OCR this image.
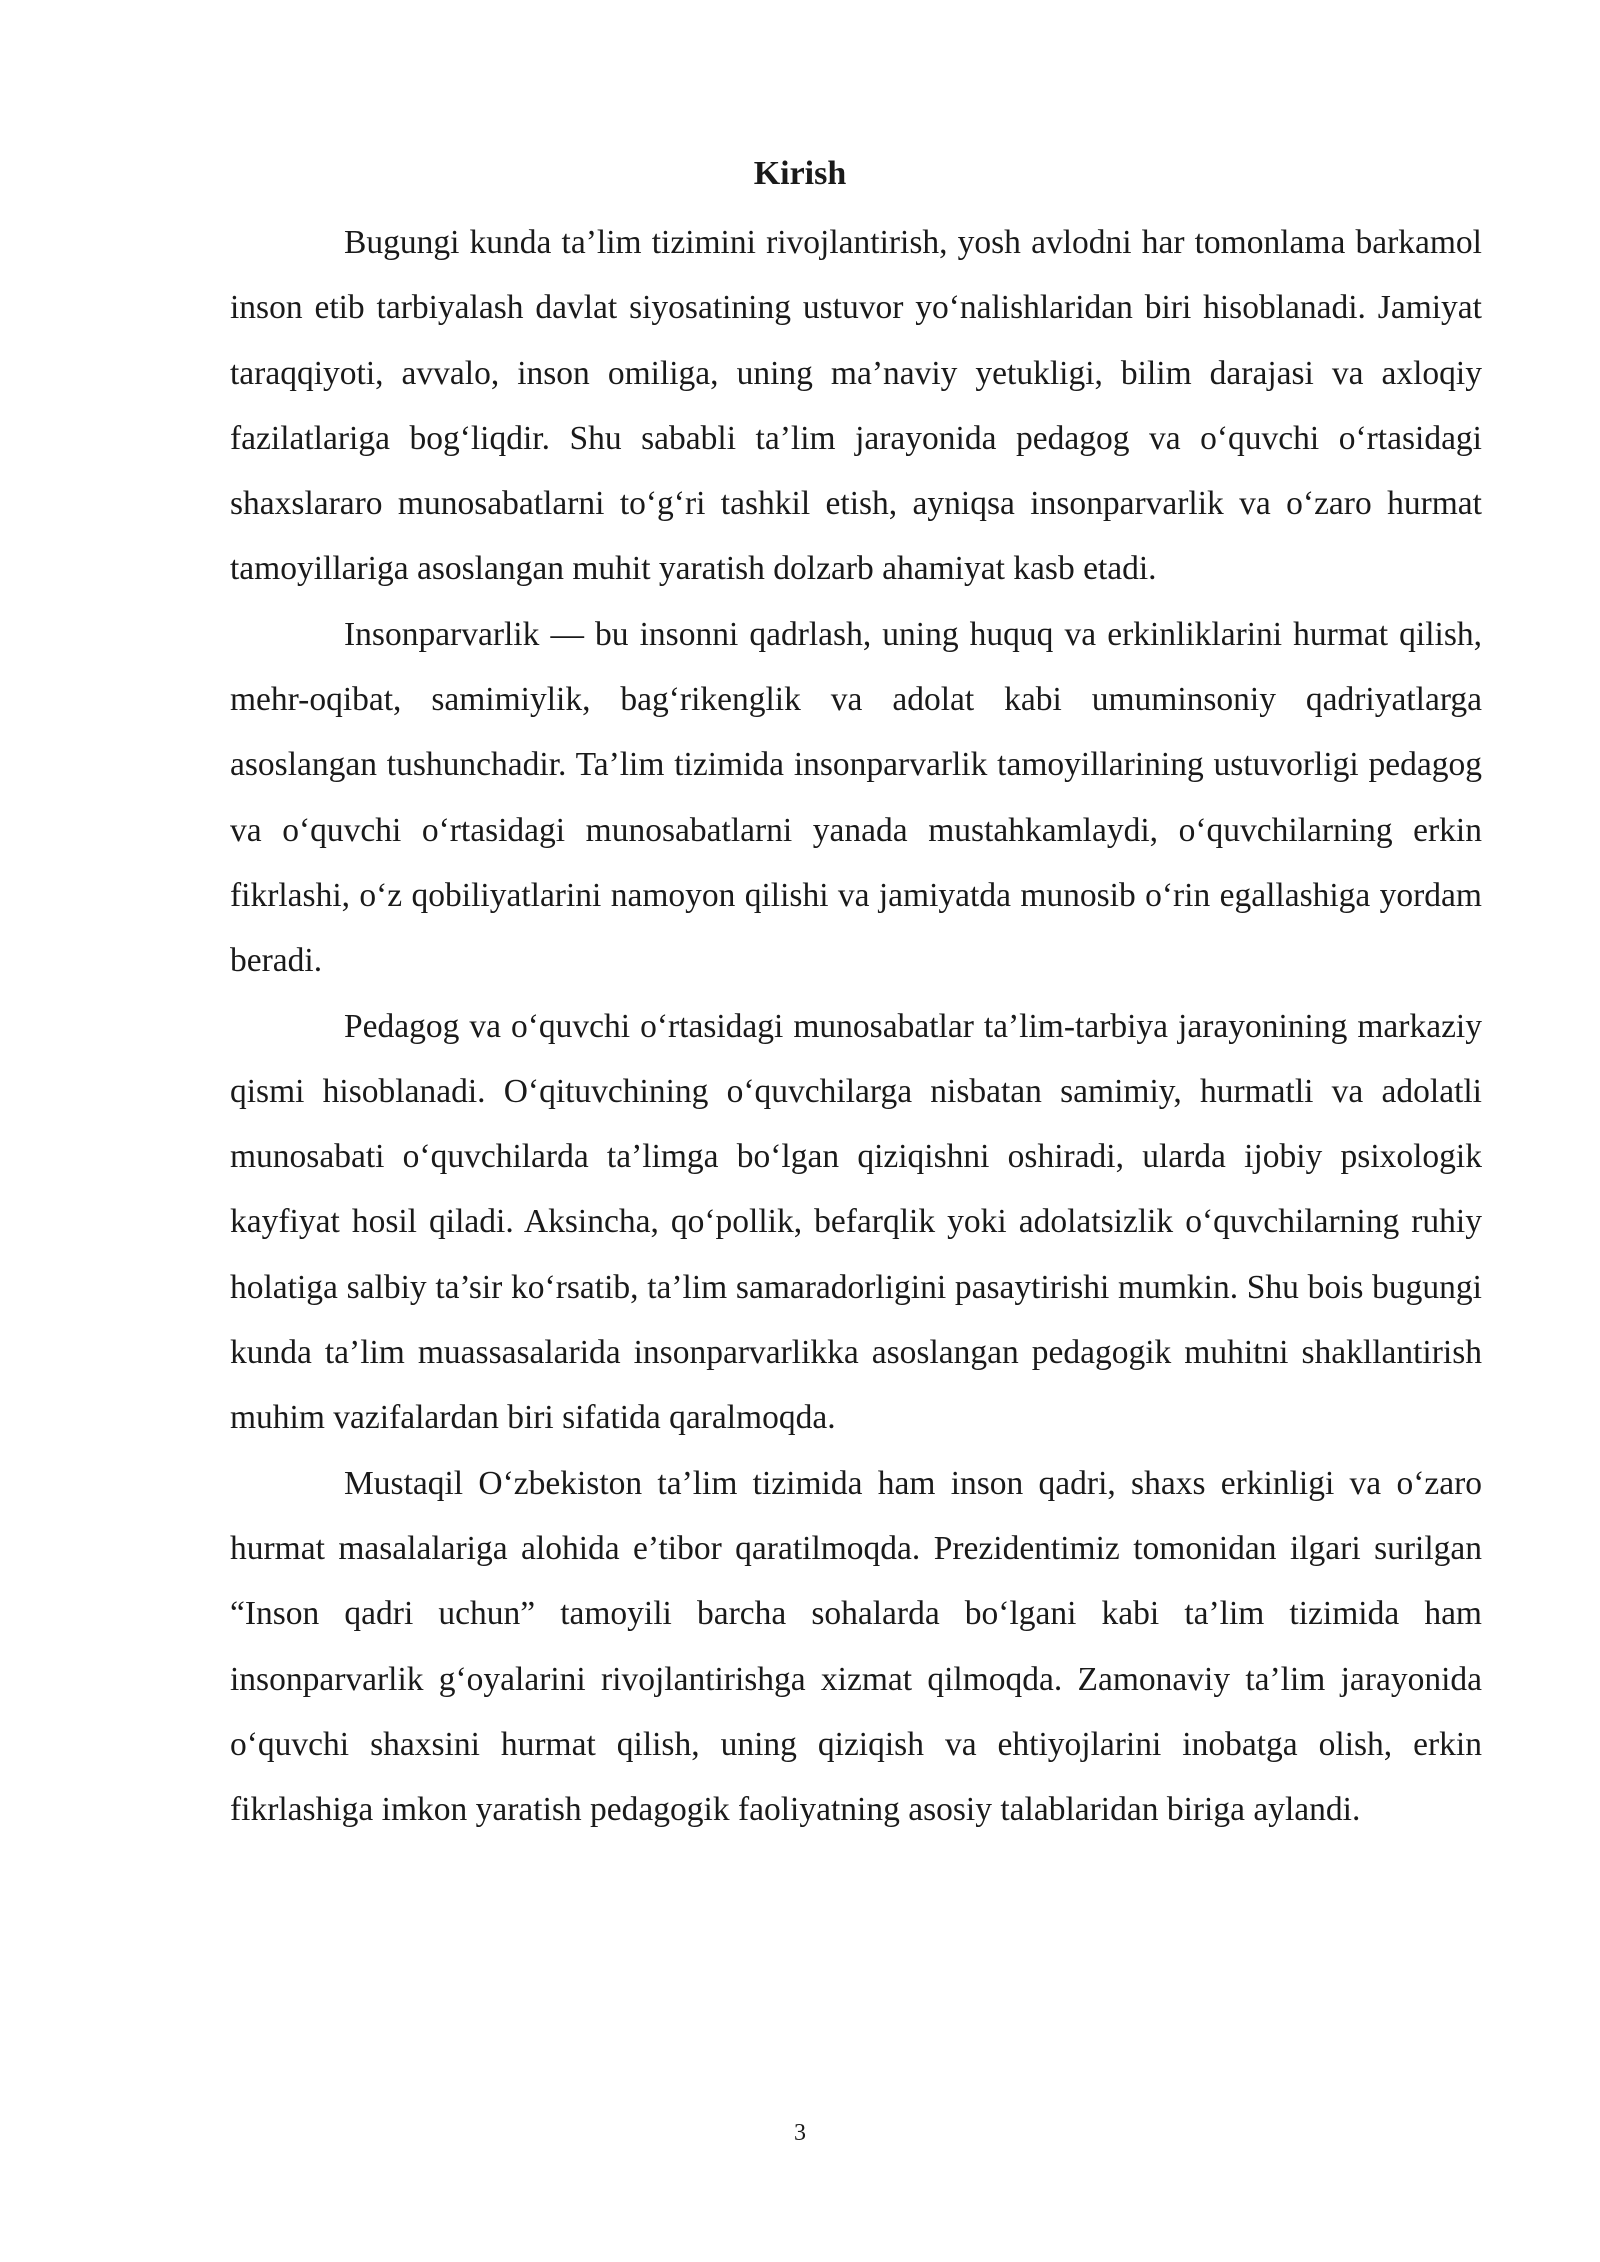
Kirish

Bugungi kunda ta’lim tizimini rivojlantirish, yosh avlodni har tomonlama barkamol inson etib tarbiyalash davlat siyosatining ustuvor yo‘nalishlaridan biri hisoblanadi. Jamiyat taraqqiyoti, avvalo, inson omiliga, uning ma’naviy yetukligi, bilim darajasi va axloqiy fazilatlariga bog‘liqdir. Shu sababli ta’lim jarayonida pedagog va o‘quvchi o‘rtasidagi shaxslararo munosabatlarni to‘g‘ri tashkil etish, ayniqsa insonparvarlik va o‘zaro hurmat tamoyillariga asoslangan muhit yaratish dolzarb ahamiyat kasb etadi.

Insonparvarlik — bu insonni qadrlash, uning huquq va erkinliklarini hurmat qilish, mehr-oqibat, samimiylik, bag‘rikenglik va adolat kabi umuminsoniy qadriyatlarga asoslangan tushunchadir. Ta’lim tizimida insonparvarlik tamoyillarining ustuvorligi pedagog va o‘quvchi o‘rtasidagi munosabatlarni yanada mustahkamlaydi, o‘quvchilarning erkin fikrlashi, o‘z qobiliyatlarini namoyon qilishi va jamiyatda munosib o‘rin egallashiga yordam beradi.

Pedagog va o‘quvchi o‘rtasidagi munosabatlar ta’lim-tarbiya jarayonining markaziy qismi hisoblanadi. O‘qituvchining o‘quvchilarga nisbatan samimiy, hurmatli va adolatli munosabati o‘quvchilarda ta’limga bo‘lgan qiziqishni oshiradi, ularda ijobiy psixologik kayfiyat hosil qiladi. Aksincha, qo‘pollik, befarqlik yoki adolatsizlik o‘quvchilarning ruhiy holatiga salbiy ta’sir ko‘rsatib, ta’lim samaradorligini pasaytirishi mumkin. Shu bois bugungi kunda ta’lim muassasalarida insonparvarlikka asoslangan pedagogik muhitni shakllantirish muhim vazifalardan biri sifatida qaralmoqda.

Mustaqil O‘zbekiston ta’lim tizimida ham inson qadri, shaxs erkinligi va o‘zaro hurmat masalalariga alohida e’tibor qaratilmoqda. Prezidentimiz tomonidan ilgari surilgan “Inson qadri uchun” tamoyili barcha sohalarda bo‘lgani kabi ta’lim tizimida ham insonparvarlik g‘oyalarini rivojlantirishga xizmat qilmoqda. Zamonaviy ta’lim jarayonida o‘quvchi shaxsini hurmat qilish, uning qiziqish va ehtiyojlarini inobatga olish, erkin fikrlashiga imkon yaratish pedagogik faoliyatning asosiy talablaridan biriga aylandi.

3
